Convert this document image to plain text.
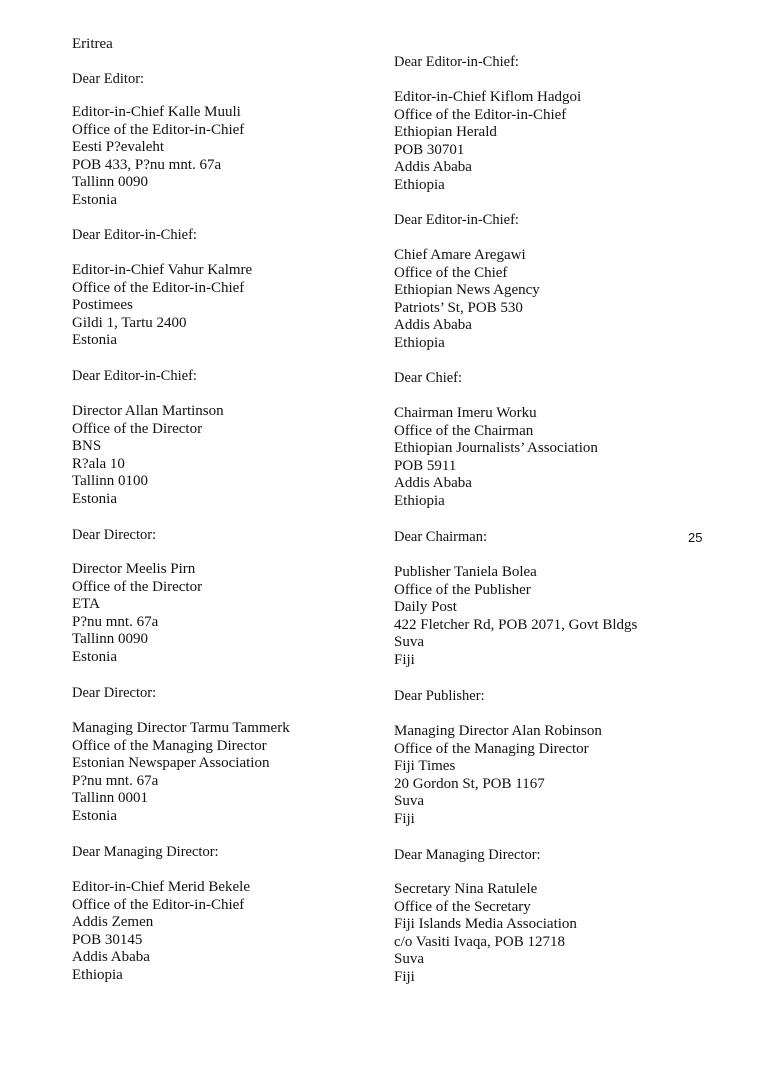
Eritrea
Dear Editor:
Editor-in-Chief Kalle Muuli
Office of the Editor-in-Chief
Eesti P?evaleht
POB 433, P?nu mnt. 67a
Tallinn 0090
Estonia
Dear Editor-in-Chief:
Editor-in-Chief Vahur Kalmre
Office of the Editor-in-Chief
Postimees
Gildi 1, Tartu 2400
Estonia
Dear Editor-in-Chief:
Director Allan Martinson
Office of the Director
BNS
R?ala 10
Tallinn 0100
Estonia
Dear Director:
Director Meelis Pirn
Office of the Director
ETA
P?nu mnt. 67a
Tallinn 0090
Estonia
Dear Director:
Managing Director Tarmu Tammerk
Office of the Managing Director
Estonian Newspaper Association
P?nu mnt. 67a
Tallinn 0001
Estonia
Dear Managing Director:
Editor-in-Chief Merid Bekele
Office of the Editor-in-Chief
Addis Zemen
POB 30145
Addis Ababa
Ethiopia
Dear Editor-in-Chief:
Editor-in-Chief Kiflom Hadgoi
Office of the Editor-in-Chief
Ethiopian Herald
POB 30701
Addis Ababa
Ethiopia
Dear Editor-in-Chief:
Chief Amare Aregawi
Office of the Chief
Ethiopian News Agency
Patriots’ St, POB 530
Addis Ababa
Ethiopia
Dear Chief:
Chairman Imeru Worku
Office of the Chairman
Ethiopian Journalists’ Association
POB 5911
Addis Ababa
Ethiopia
Dear Chairman:
Publisher Taniela Bolea
Office of the Publisher
Daily Post
422 Fletcher Rd, POB 2071, Govt Bldgs
Suva
Fiji
Dear Publisher:
Managing Director Alan Robinson
Office of the Managing Director
Fiji Times
20 Gordon St, POB 1167
Suva
Fiji
Dear Managing Director:
Secretary Nina Ratulele
Office of the Secretary
Fiji Islands Media Association
c/o Vasiti Ivaqa, POB 12718
Suva
Fiji
25
